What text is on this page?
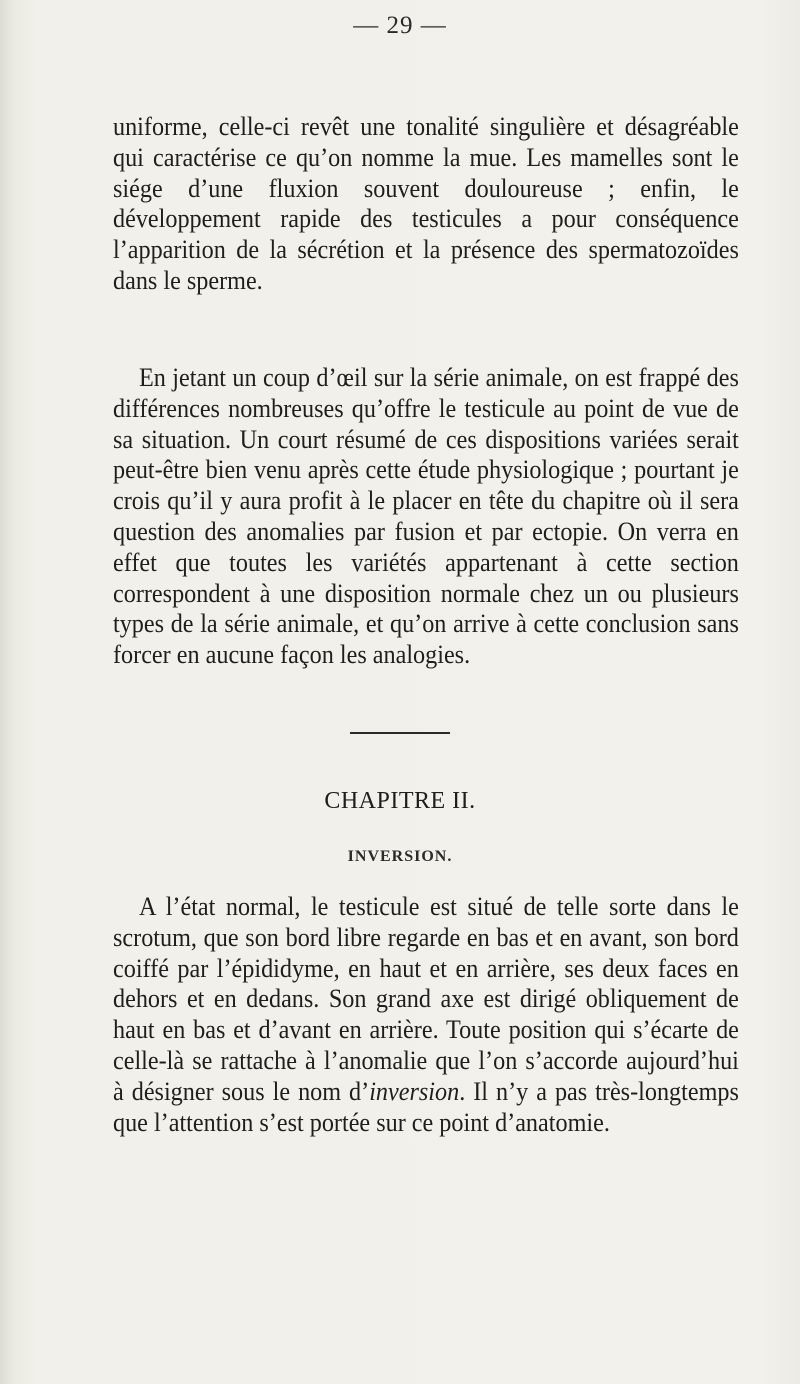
— 29 —

uniforme, celle-ci revêt une tonalité singulière et désagréable qui caractérise ce qu’on nomme la mue. Les mamelles sont le siége d’une fluxion souvent douloureuse ; enfin, le développement rapide des testicules a pour conséquence l’apparition de la sécrétion et la présence des spermatozoïdes dans le sperme.

En jetant un coup d’œil sur la série animale, on est frappé des différences nombreuses qu’offre le testicule au point de vue de sa situation. Un court résumé de ces dispositions variées serait peut-être bien venu après cette étude physiologique ; pourtant je crois qu’il y aura profit à le placer en tête du chapitre où il sera question des anomalies par fusion et par ectopie. On verra en effet que toutes les variétés appartenant à cette section correspondent à une disposition normale chez un ou plusieurs types de la série animale, et qu’on arrive à cette conclusion sans forcer en aucune façon les analogies.

CHAPITRE II.
INVERSION.

A l’état normal, le testicule est situé de telle sorte dans le scrotum, que son bord libre regarde en bas et en avant, son bord coiffé par l’épididyme, en haut et en arrière, ses deux faces en dehors et en dedans. Son grand axe est dirigé obliquement de haut en bas et d’avant en arrière. Toute position qui s’écarte de celle-là se rattache à l’anomalie que l’on s’accorde aujourd’hui à désigner sous le nom d’inversion. Il n’y a pas très-longtemps que l’attention s’est portée sur ce point d’anatomie.
